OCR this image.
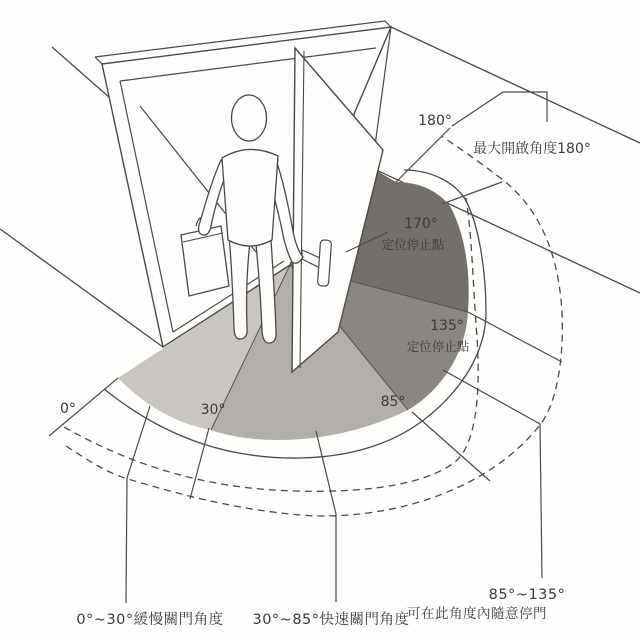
0°	30°	85°
135°
定位停止點
170°
定位停止點
180°
最大開啟角度180°
0°~30°緩慢關門角度 30°~85°快速關門角度
85°~135°
可在此角度內隨意停門
